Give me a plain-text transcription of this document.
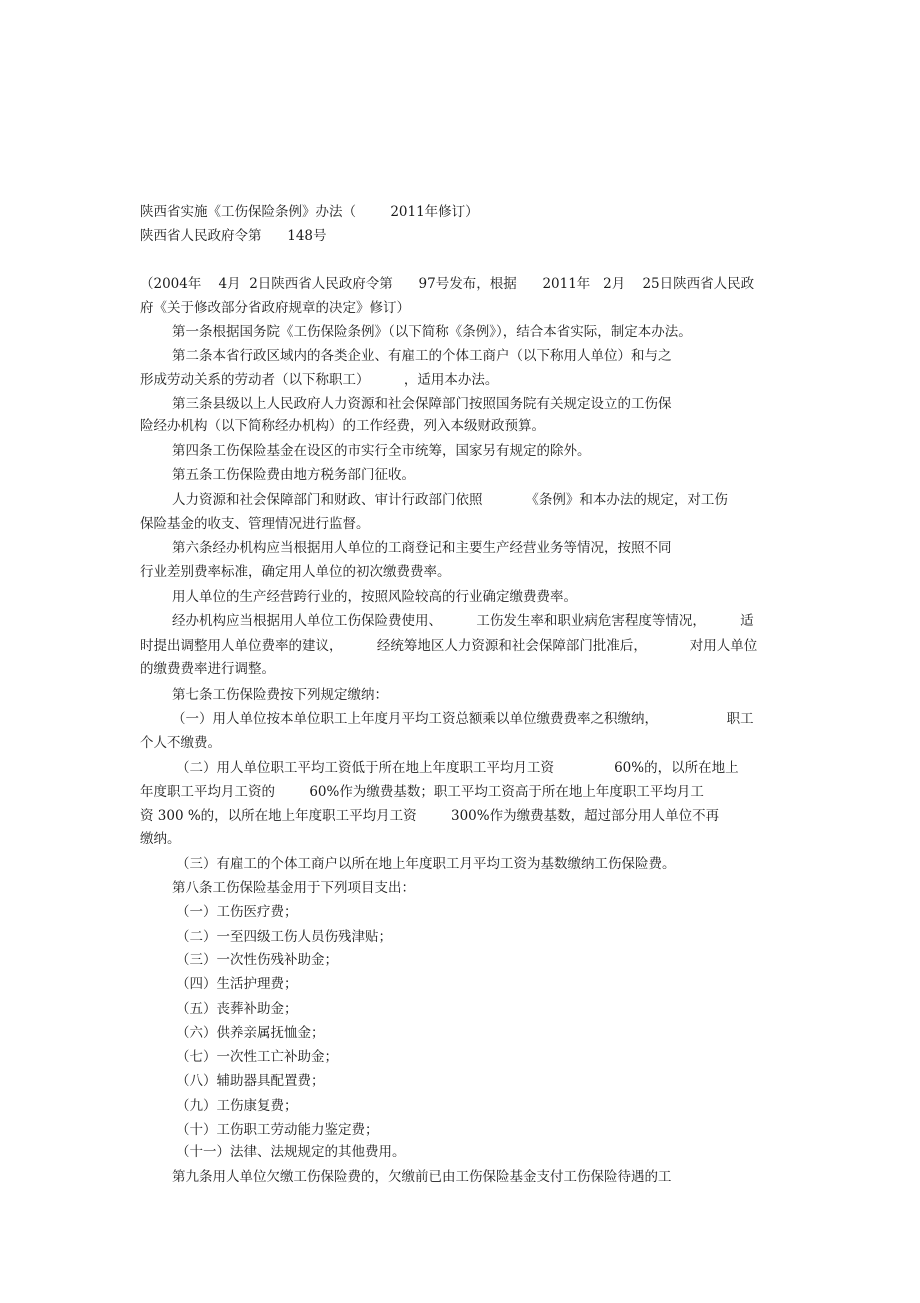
陕西省实施《工伤保险条例》办法（        2011年修订）
陕西省人民政府令第      148号
（2004年    4月  2日陕西省人民政府令第      97号发布，根据      2011年   2月    25日陕西省人民政
府《关于修改部分省政府规章的决定》修订）
第一条根据国务院《工伤保险条例》（以下简称《条例》），结合本省实际，制定本办法。
第二条本省行政区域内的各类企业、有雇工的个体工商户（以下称用人单位）和与之
形成劳动关系的劳动者（以下称职工）        ，适用本办法。
第三条县级以上人民政府人力资源和社会保障部门按照国务院有关规定设立的工伤保
险经办机构（以下简称经办机构）的工作经费，列入本级财政预算。
第四条工伤保险基金在设区的市实行全市统筹，国家另有规定的除外。
第五条工伤保险费由地方税务部门征收。
人力资源和社会保障部门和财政、审计行政部门依照          《条例》和本办法的规定，对工伤
保险基金的收支、管理情况进行监督。
第六条经办机构应当根据用人单位的工商登记和主要生产经营业务等情况，按照不同
行业差别费率标准，确定用人单位的初次缴费费率。
用人单位的生产经营跨行业的，按照风险较高的行业确定缴费费率。
经办机构应当根据用人单位工伤保险费使用、        工伤发生率和职业病危害程度等情况，        适
时提出调整用人单位费率的建议，        经统筹地区人力资源和社会保障部门批准后，          对用人单位
的缴费费率进行调整。
第七条工伤保险费按下列规定缴纳：
（一）用人单位按本单位职工上年度月平均工资总额乘以单位缴费费率之积缴纳，                职工
个人不缴费。
（二）用人单位职工平均工资低于所在地上年度职工平均月工资              60%的，以所在地上
年度职工平均月工资的        60%作为缴费基数；职工平均工资高于所在地上年度职工平均月工
资 300 %的，以所在地上年度职工平均月工资        300%作为缴费基数，超过部分用人单位不再
缴纳。
（三）有雇工的个体工商户以所在地上年度职工月平均工资为基数缴纳工伤保险费。
第八条工伤保险基金用于下列项目支出：
（一）工伤医疗费；
（二）一至四级工伤人员伤残津贴；
（三）一次性伤残补助金；
（四）生活护理费；
（五）丧葬补助金；
（六）供养亲属抚恤金；
（七）一次性工亡补助金；
（八）辅助器具配置费；
（九）工伤康复费；
（十）工伤职工劳动能力鉴定费；
（十一）法律、法规规定的其他费用。
第九条用人单位欠缴工伤保险费的，欠缴前已由工伤保险基金支付工伤保险待遇的工
